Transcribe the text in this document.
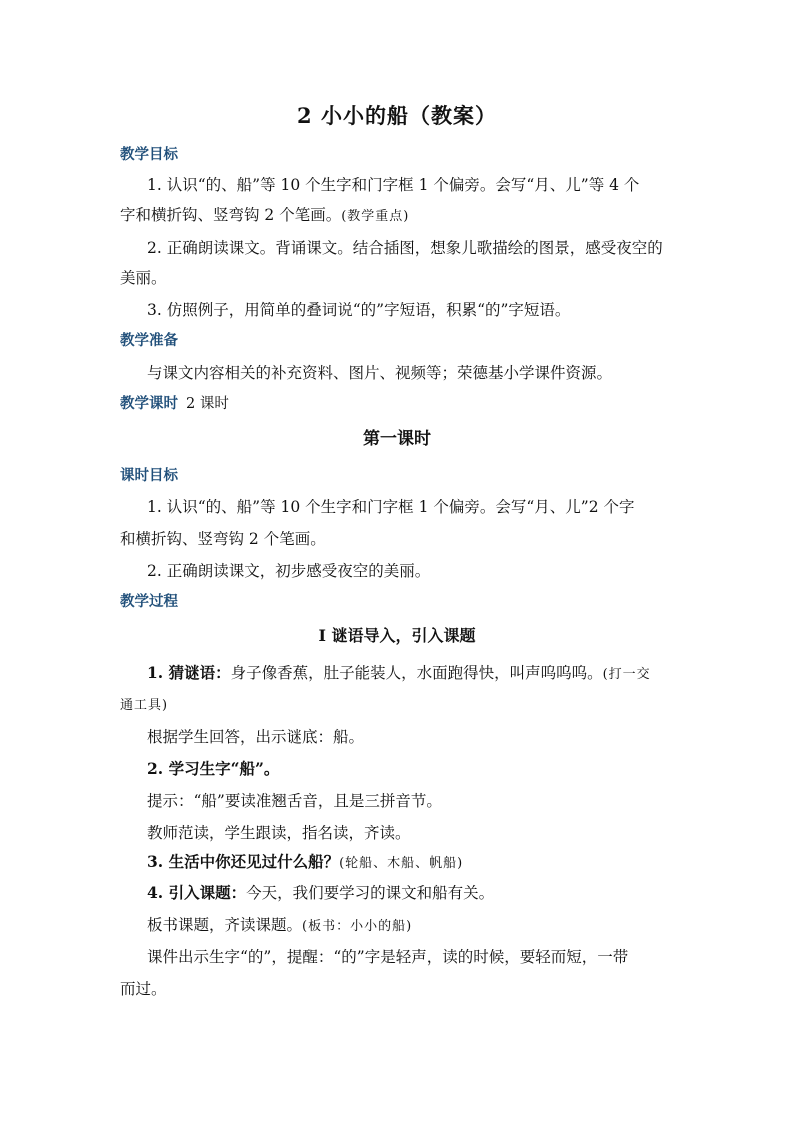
2 小小的船（教案）
教学目标
1. 认识“的、船”等 10 个生字和门字框 1 个偏旁。会写“月、儿”等 4 个
字和横折钩、竖弯钩 2 个笔画。(教学重点)
2. 正确朗读课文。背诵课文。结合插图，想象儿歌描绘的图景，感受夜空的
美丽。
3. 仿照例子，用简单的叠词说“的”字短语，积累“的”字短语。
教学准备
与课文内容相关的补充资料、图片、视频等；荣德基小学课件资源。
教学课时 2 课时
第一课时
课时目标
1. 认识“的、船”等 10 个生字和门字框 1 个偏旁。会写“月、儿”2 个字
和横折钩、竖弯钩 2 个笔画。
2. 正确朗读课文，初步感受夜空的美丽。
教学过程
Ⅰ 谜语导入，引入课题
1. 猜谜语：身子像香蕉，肚子能装人，水面跑得快，叫声呜呜呜。(打一交
通工具)
根据学生回答，出示谜底：船。
2. 学习生字“船”。
提示：“船”要读准翘舌音，且是三拼音节。
教师范读，学生跟读，指名读，齐读。
3. 生活中你还见过什么船？(轮船、木船、帆船)
4. 引入课题：今天，我们要学习的课文和船有关。
板书课题，齐读课题。(板书：小小的船)
课件出示生字“的”，提醒：“的”字是轻声，读的时候，要轻而短，一带
而过。
